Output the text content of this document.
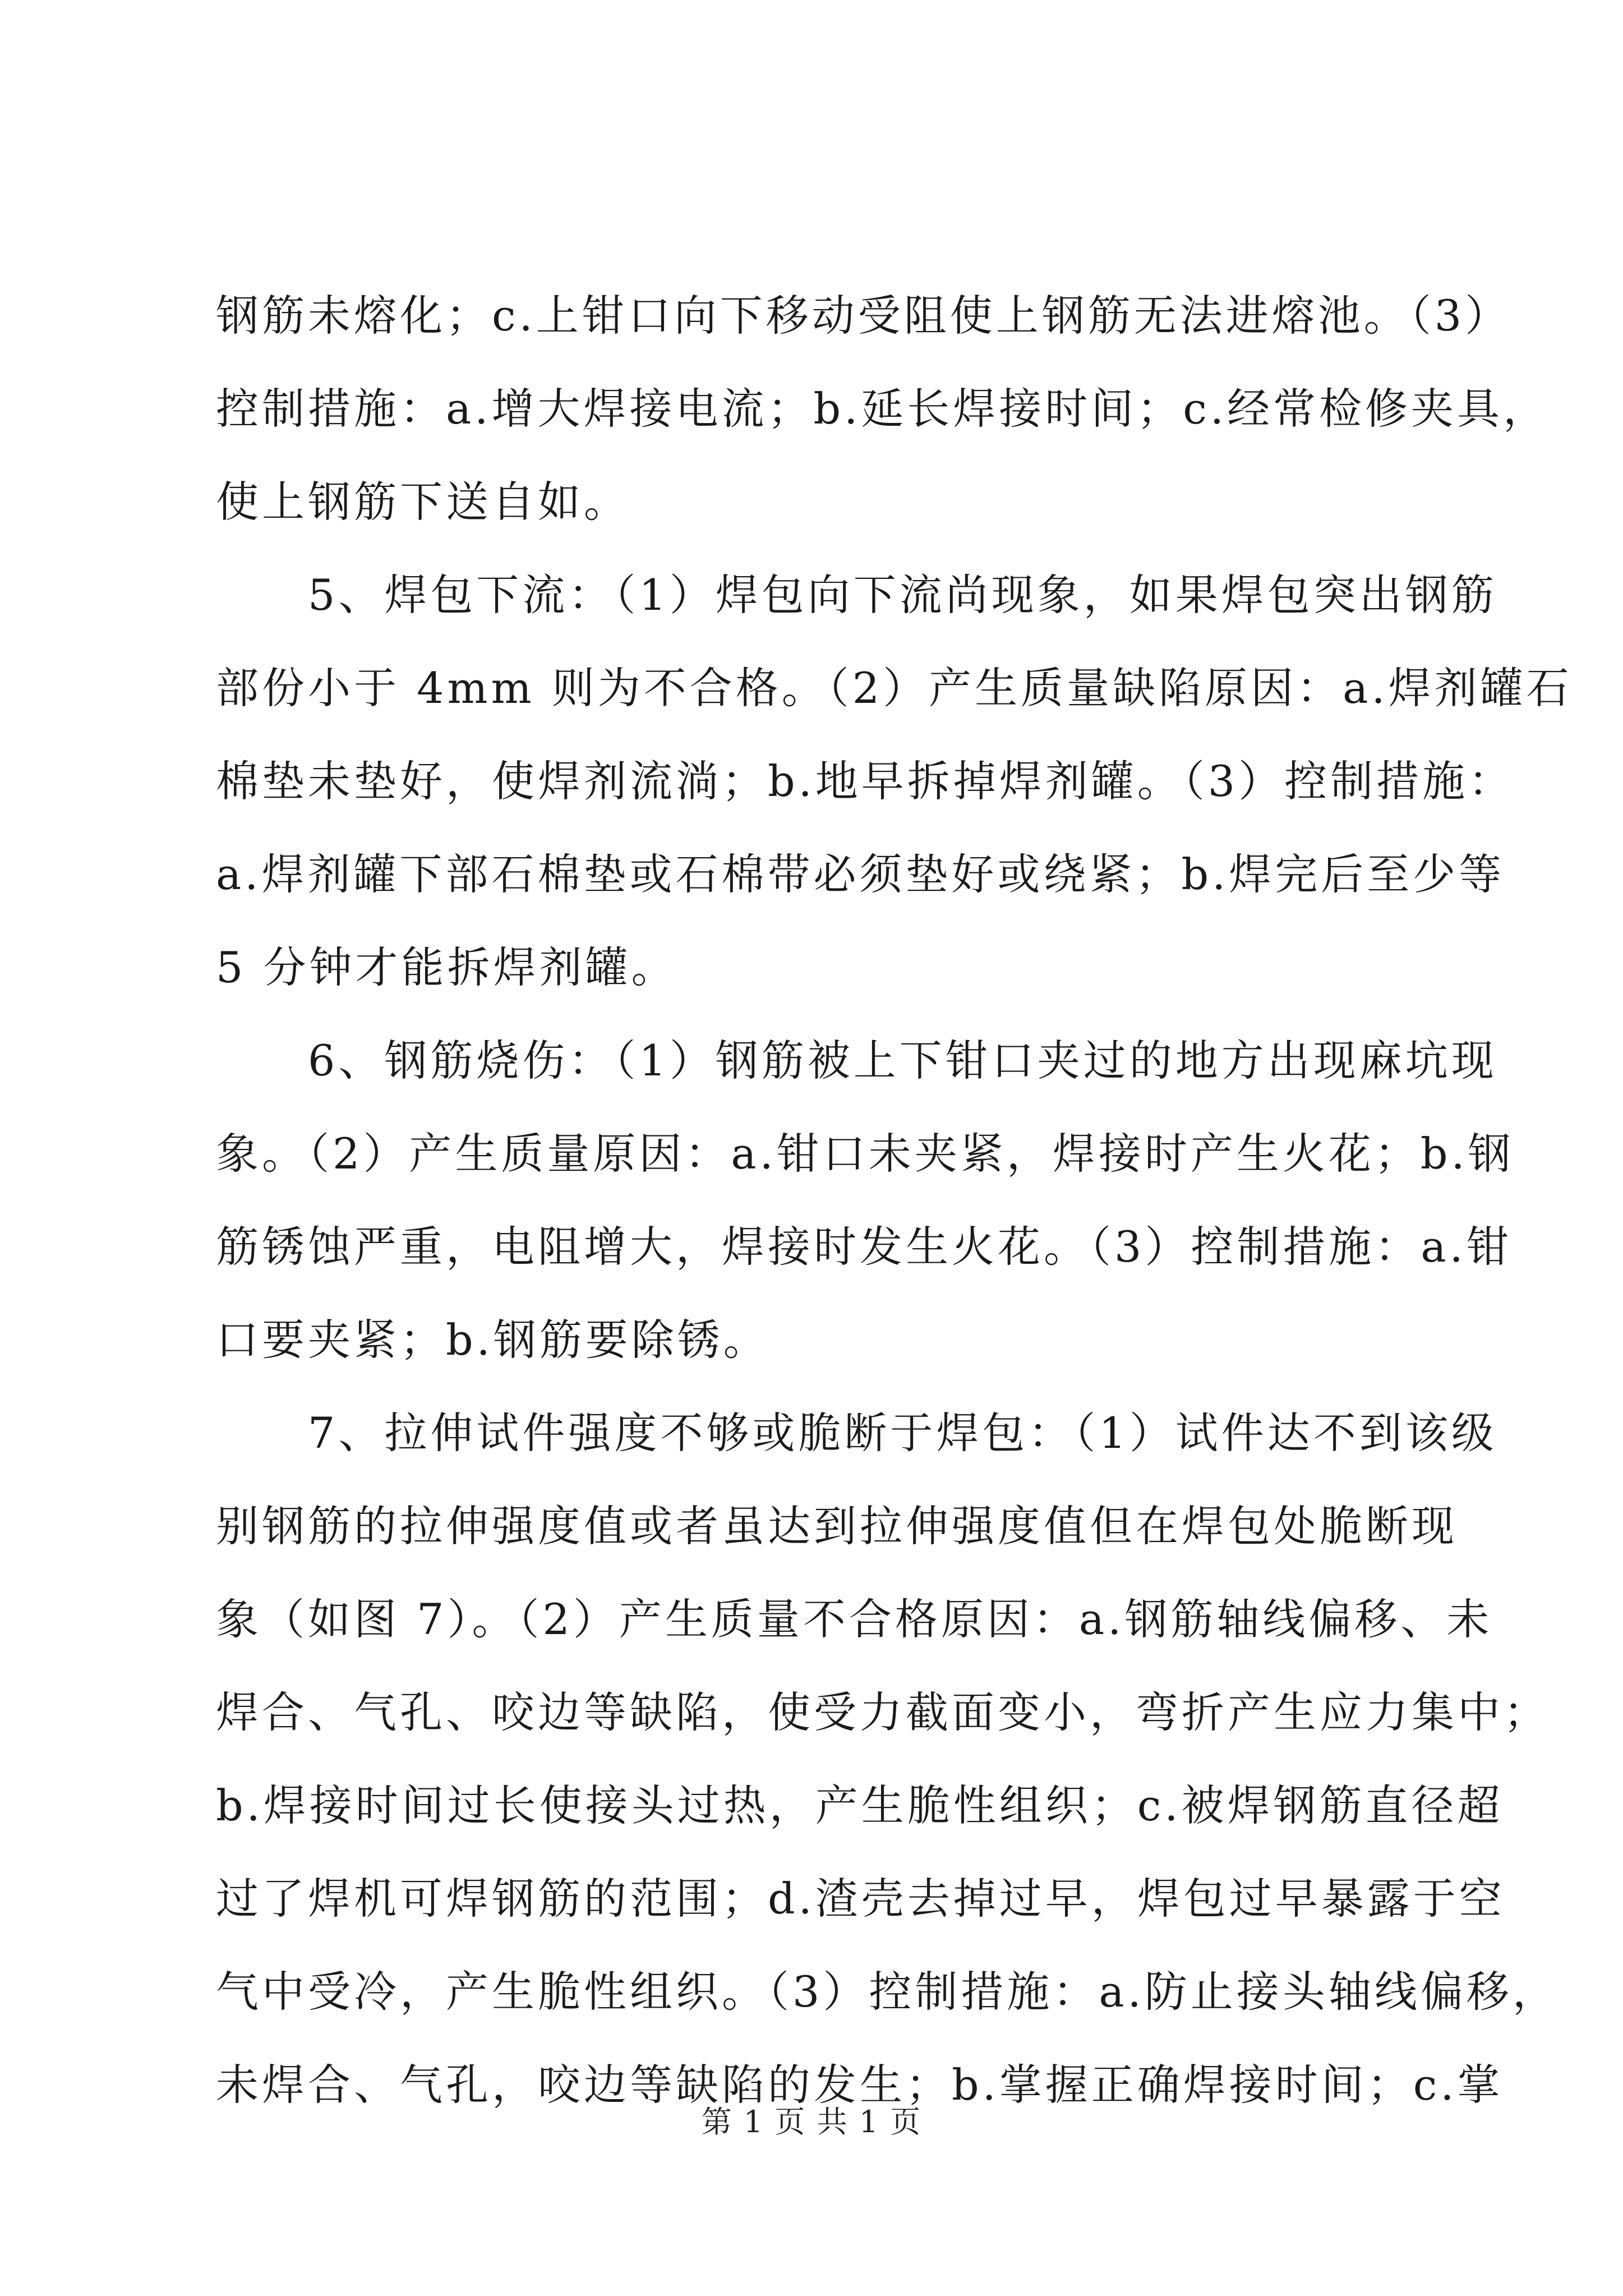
钢筋未熔化；c.上钳口向下移动受阻使上钢筋无法进熔池。（3）
控制措施：a.增大焊接电流；b.延长焊接时间；c.经常检修夹具，
使上钢筋下送自如。
　　5、焊包下流：（1）焊包向下流尚现象，如果焊包突出钢筋
部份小于 4mm 则为不合格。（2）产生质量缺陷原因：a.焊剂罐石
棉垫未垫好，使焊剂流淌；b.地早拆掉焊剂罐。（3）控制措施：
a.焊剂罐下部石棉垫或石棉带必须垫好或绕紧；b.焊完后至少等
5 分钟才能拆焊剂罐。
　　6、钢筋烧伤：（1）钢筋被上下钳口夹过的地方出现麻坑现
象。（2）产生质量原因：a.钳口未夹紧，焊接时产生火花；b.钢
筋锈蚀严重，电阻增大，焊接时发生火花。（3）控制措施：a.钳
口要夹紧；b.钢筋要除锈。
　　7、拉伸试件强度不够或脆断于焊包：（1）试件达不到该级
别钢筋的拉伸强度值或者虽达到拉伸强度值但在焊包处脆断现
象（如图 7）。（2）产生质量不合格原因：a.钢筋轴线偏移、未
焊合、气孔、咬边等缺陷，使受力截面变小，弯折产生应力集中；
b.焊接时间过长使接头过热，产生脆性组织；c.被焊钢筋直径超
过了焊机可焊钢筋的范围；d.渣壳去掉过早，焊包过早暴露于空
气中受冷，产生脆性组织。（3）控制措施：a.防止接头轴线偏移，
未焊合、气孔，咬边等缺陷的发生；b.掌握正确焊接时间；c.掌
第 1 页 共 1 页
